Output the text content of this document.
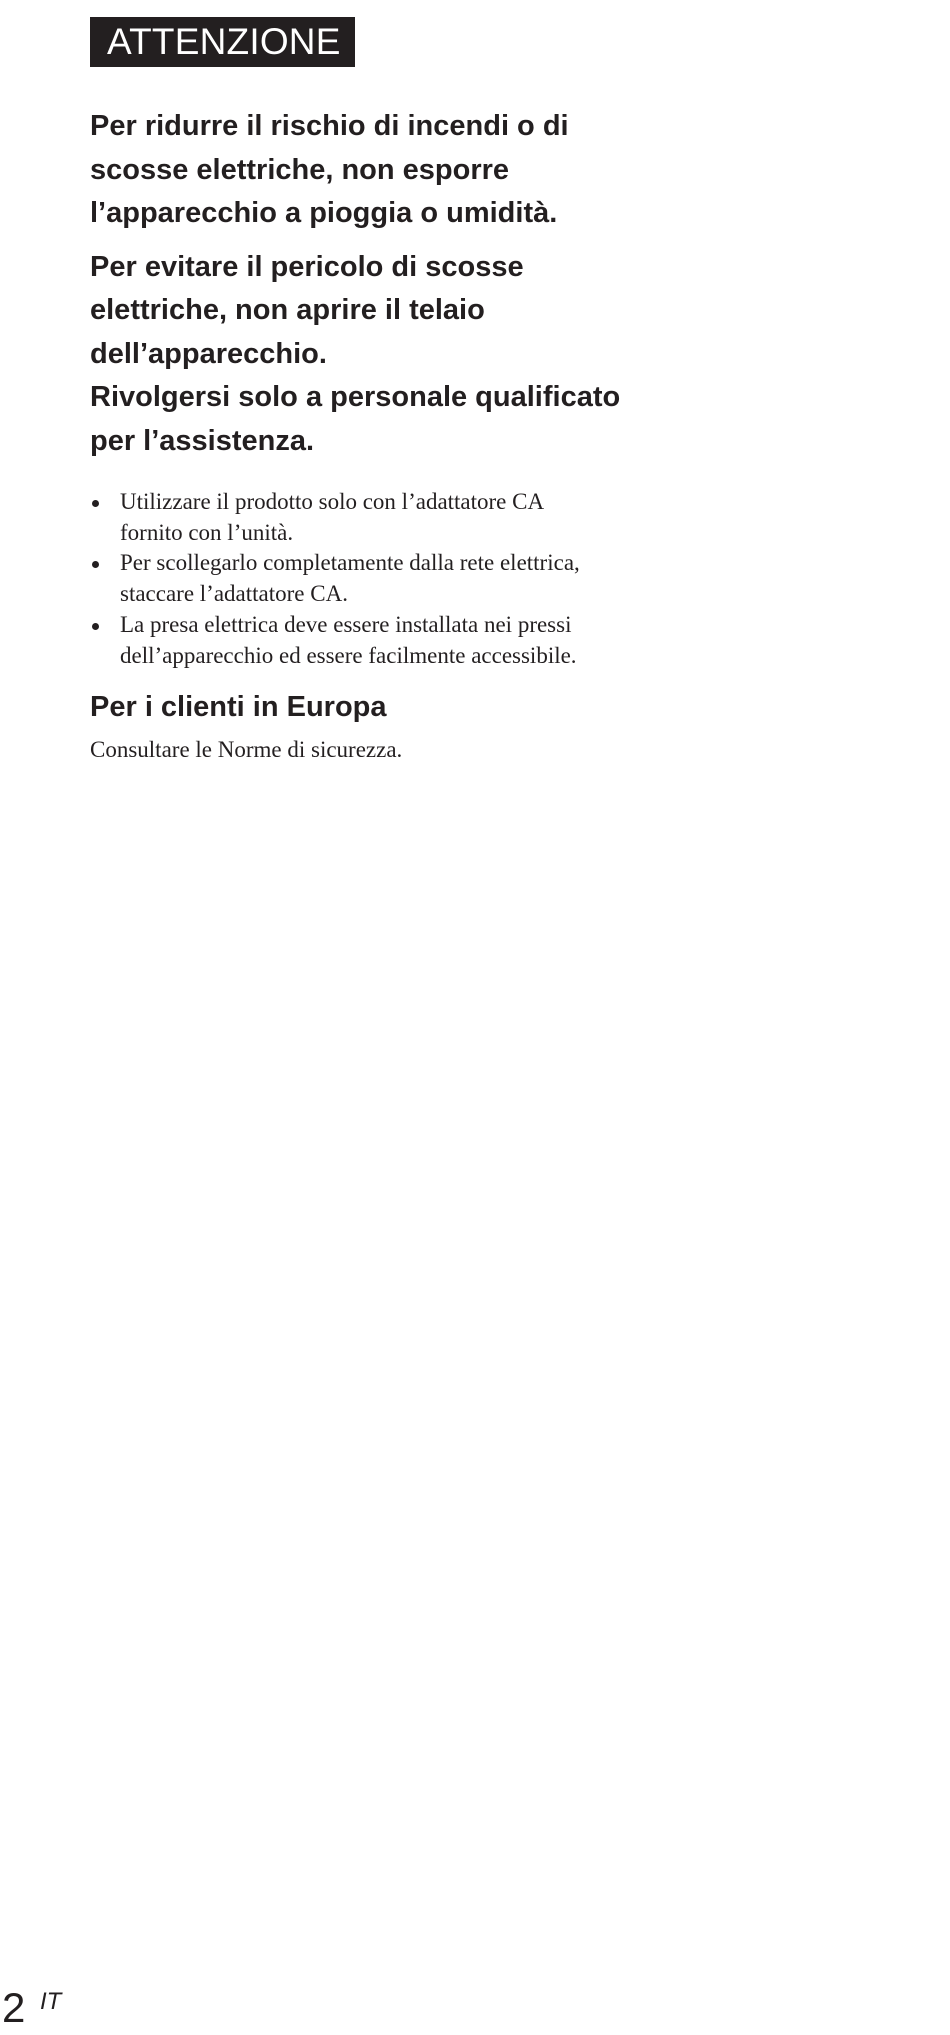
ATTENZIONE

Per ridurre il rischio di incendi o di
scosse elettriche, non esporre
l’apparecchio a pioggia o umidità.

Per evitare il pericolo di scosse
elettriche, non aprire il telaio
dell’apparecchio.
Rivolgersi solo a personale qualificato
per l’assistenza.

Utilizzare il prodotto solo con l’adattatore CA
fornito con l’unità.
Per scollegarlo completamente dalla rete elettrica,
staccare l’adattatore CA.
La presa elettrica deve essere installata nei pressi
dell’apparecchio ed essere facilmente accessibile.
Per i clienti in Europa

Consultare le Norme di sicurezza.

2 IT
